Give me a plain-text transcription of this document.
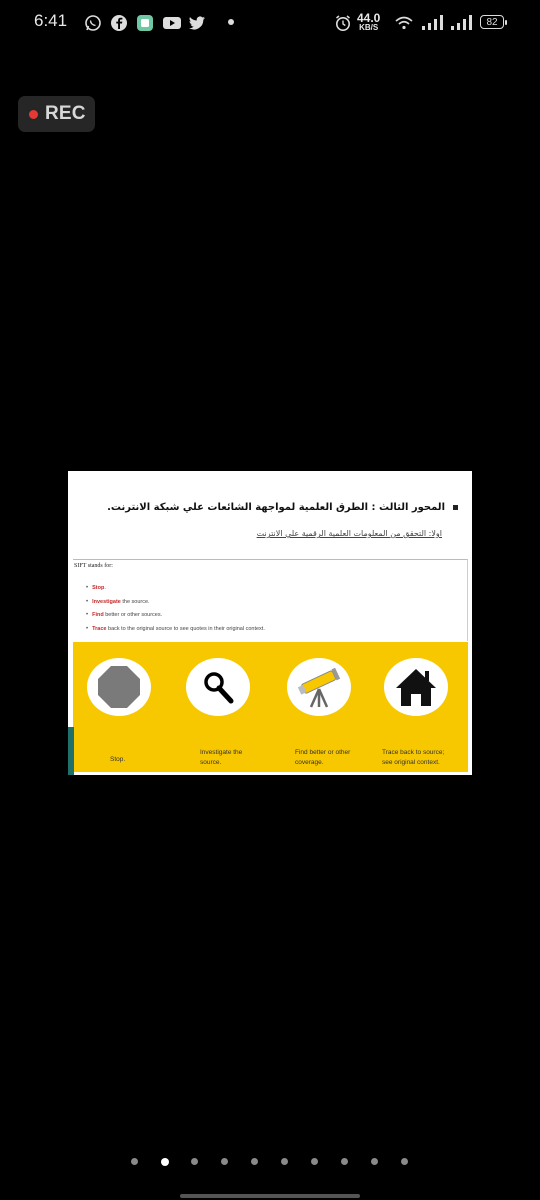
6:41	44.0
KB/S	82
REC
المحور الثالث : الطرق العلمية لمواجهة الشائعات علي شبكة الانترنت.
اولا: التحقق من المعلومات العلمية الرقمية علي الانترنت
SIFT stands for:
• Stop.
• Investigate the source.
• Find better or other sources.
• Trace back to the original source to see quotes in their original context.
Stop.
Investigate the source.
Find better or other coverage.
Trace back to source; see original context.
